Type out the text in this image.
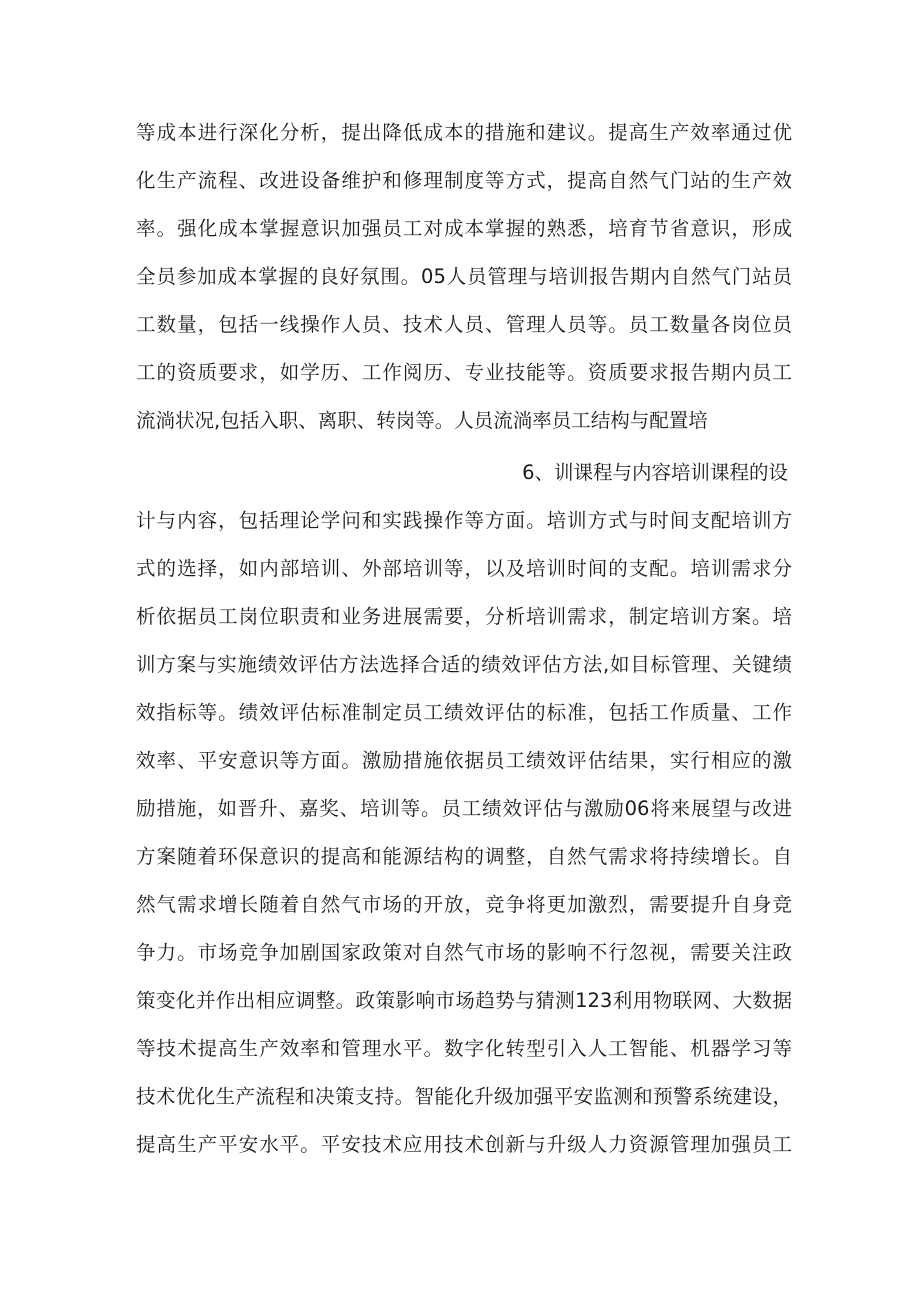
等成本进行深化分析，提出降低成本的措施和建议。提高生产效率通过优
化生产流程、改进设备维护和修理制度等方式，提高自然气门站的生产效
率。强化成本掌握意识加强员工对成本掌握的熟悉，培育节省意识，形成
全员参加成本掌握的良好氛围。05人员管理与培训报告期内自然气门站员
工数量，包括一线操作人员、技术人员、管理人员等。员工数量各岗位员
工的资质要求，如学历、工作阅历、专业技能等。资质要求报告期内员工
流淌状况,包括入职、离职、转岗等。人员流淌率员工结构与配置培
6、训课程与内容培训课程的设
计与内容，包括理论学问和实践操作等方面。培训方式与时间支配培训方
式的选择，如内部培训、外部培训等，以及培训时间的支配。培训需求分
析依据员工岗位职责和业务进展需要，分析培训需求，制定培训方案。培
训方案与实施绩效评估方法选择合适的绩效评估方法,如目标管理、关键绩
效指标等。绩效评估标准制定员工绩效评估的标准，包括工作质量、工作
效率、平安意识等方面。激励措施依据员工绩效评估结果，实行相应的激
励措施，如晋升、嘉奖、培训等。员工绩效评估与激励06将来展望与改进
方案随着环保意识的提高和能源结构的调整，自然气需求将持续增长。自
然气需求增长随着自然气市场的开放，竞争将更加激烈，需要提升自身竞
争力。市场竞争加剧国家政策对自然气市场的影响不行忽视，需要关注政
策变化并作出相应调整。政策影响市场趋势与猜测123利用物联网、大数据
等技术提高生产效率和管理水平。数字化转型引入人工智能、机器学习等
技术优化生产流程和决策支持。智能化升级加强平安监测和预警系统建设，
提高生产平安水平。平安技术应用技术创新与升级人力资源管理加强员工
